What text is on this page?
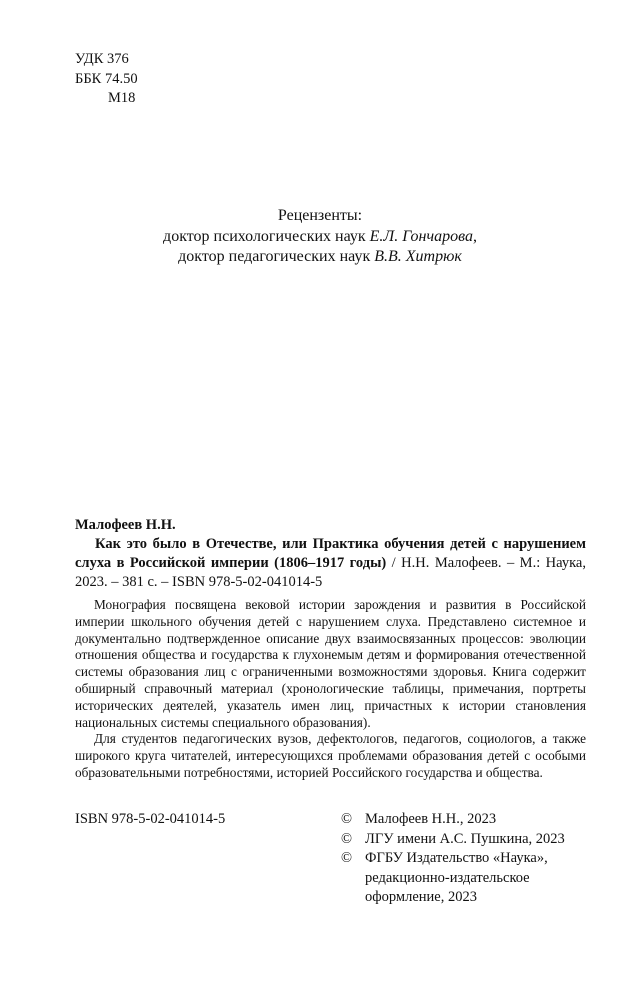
УДК 376
ББК 74.50
М18
Рецензенты:
доктор психологических наук Е.Л. Гончарова,
доктор педагогических наук В.В. Хитрюк
Малофеев Н.Н.
Как это было в Отечестве, или Практика обучения детей с нарушением слуха в Российской империи (1806–1917 годы) / Н.Н. Малофеев. – М.: Наука, 2023. – 381 с. – ISBN 978-5-02-041014-5

Монография посвящена вековой истории зарождения и развития в Российской империи школьного обучения детей с нарушением слуха. Представлено системное и документально подтвержденное описание двух взаимосвязанных процессов: эволюции отношения общества и государства к глухонемым детям и формирования отечественной системы образования лиц с ограниченными возможностями здоровья. Книга содержит обширный справочный материал (хронологические таблицы, примечания, портреты исторических деятелей, указатель имен лиц, причастных к истории становления национальных системы специального образования).

Для студентов педагогических вузов, дефектологов, педагогов, социологов, а также широкого круга читателей, интересующихся проблемами образования детей с особыми образовательными потребностями, историей Российского государства и общества.

ISBN 978-5-02-041014-5	© Малофеев Н.Н., 2023
© ЛГУ имени А.С. Пушкина, 2023
© ФГБУ Издательство «Наука»,
редакционно-издательское
оформление, 2023
